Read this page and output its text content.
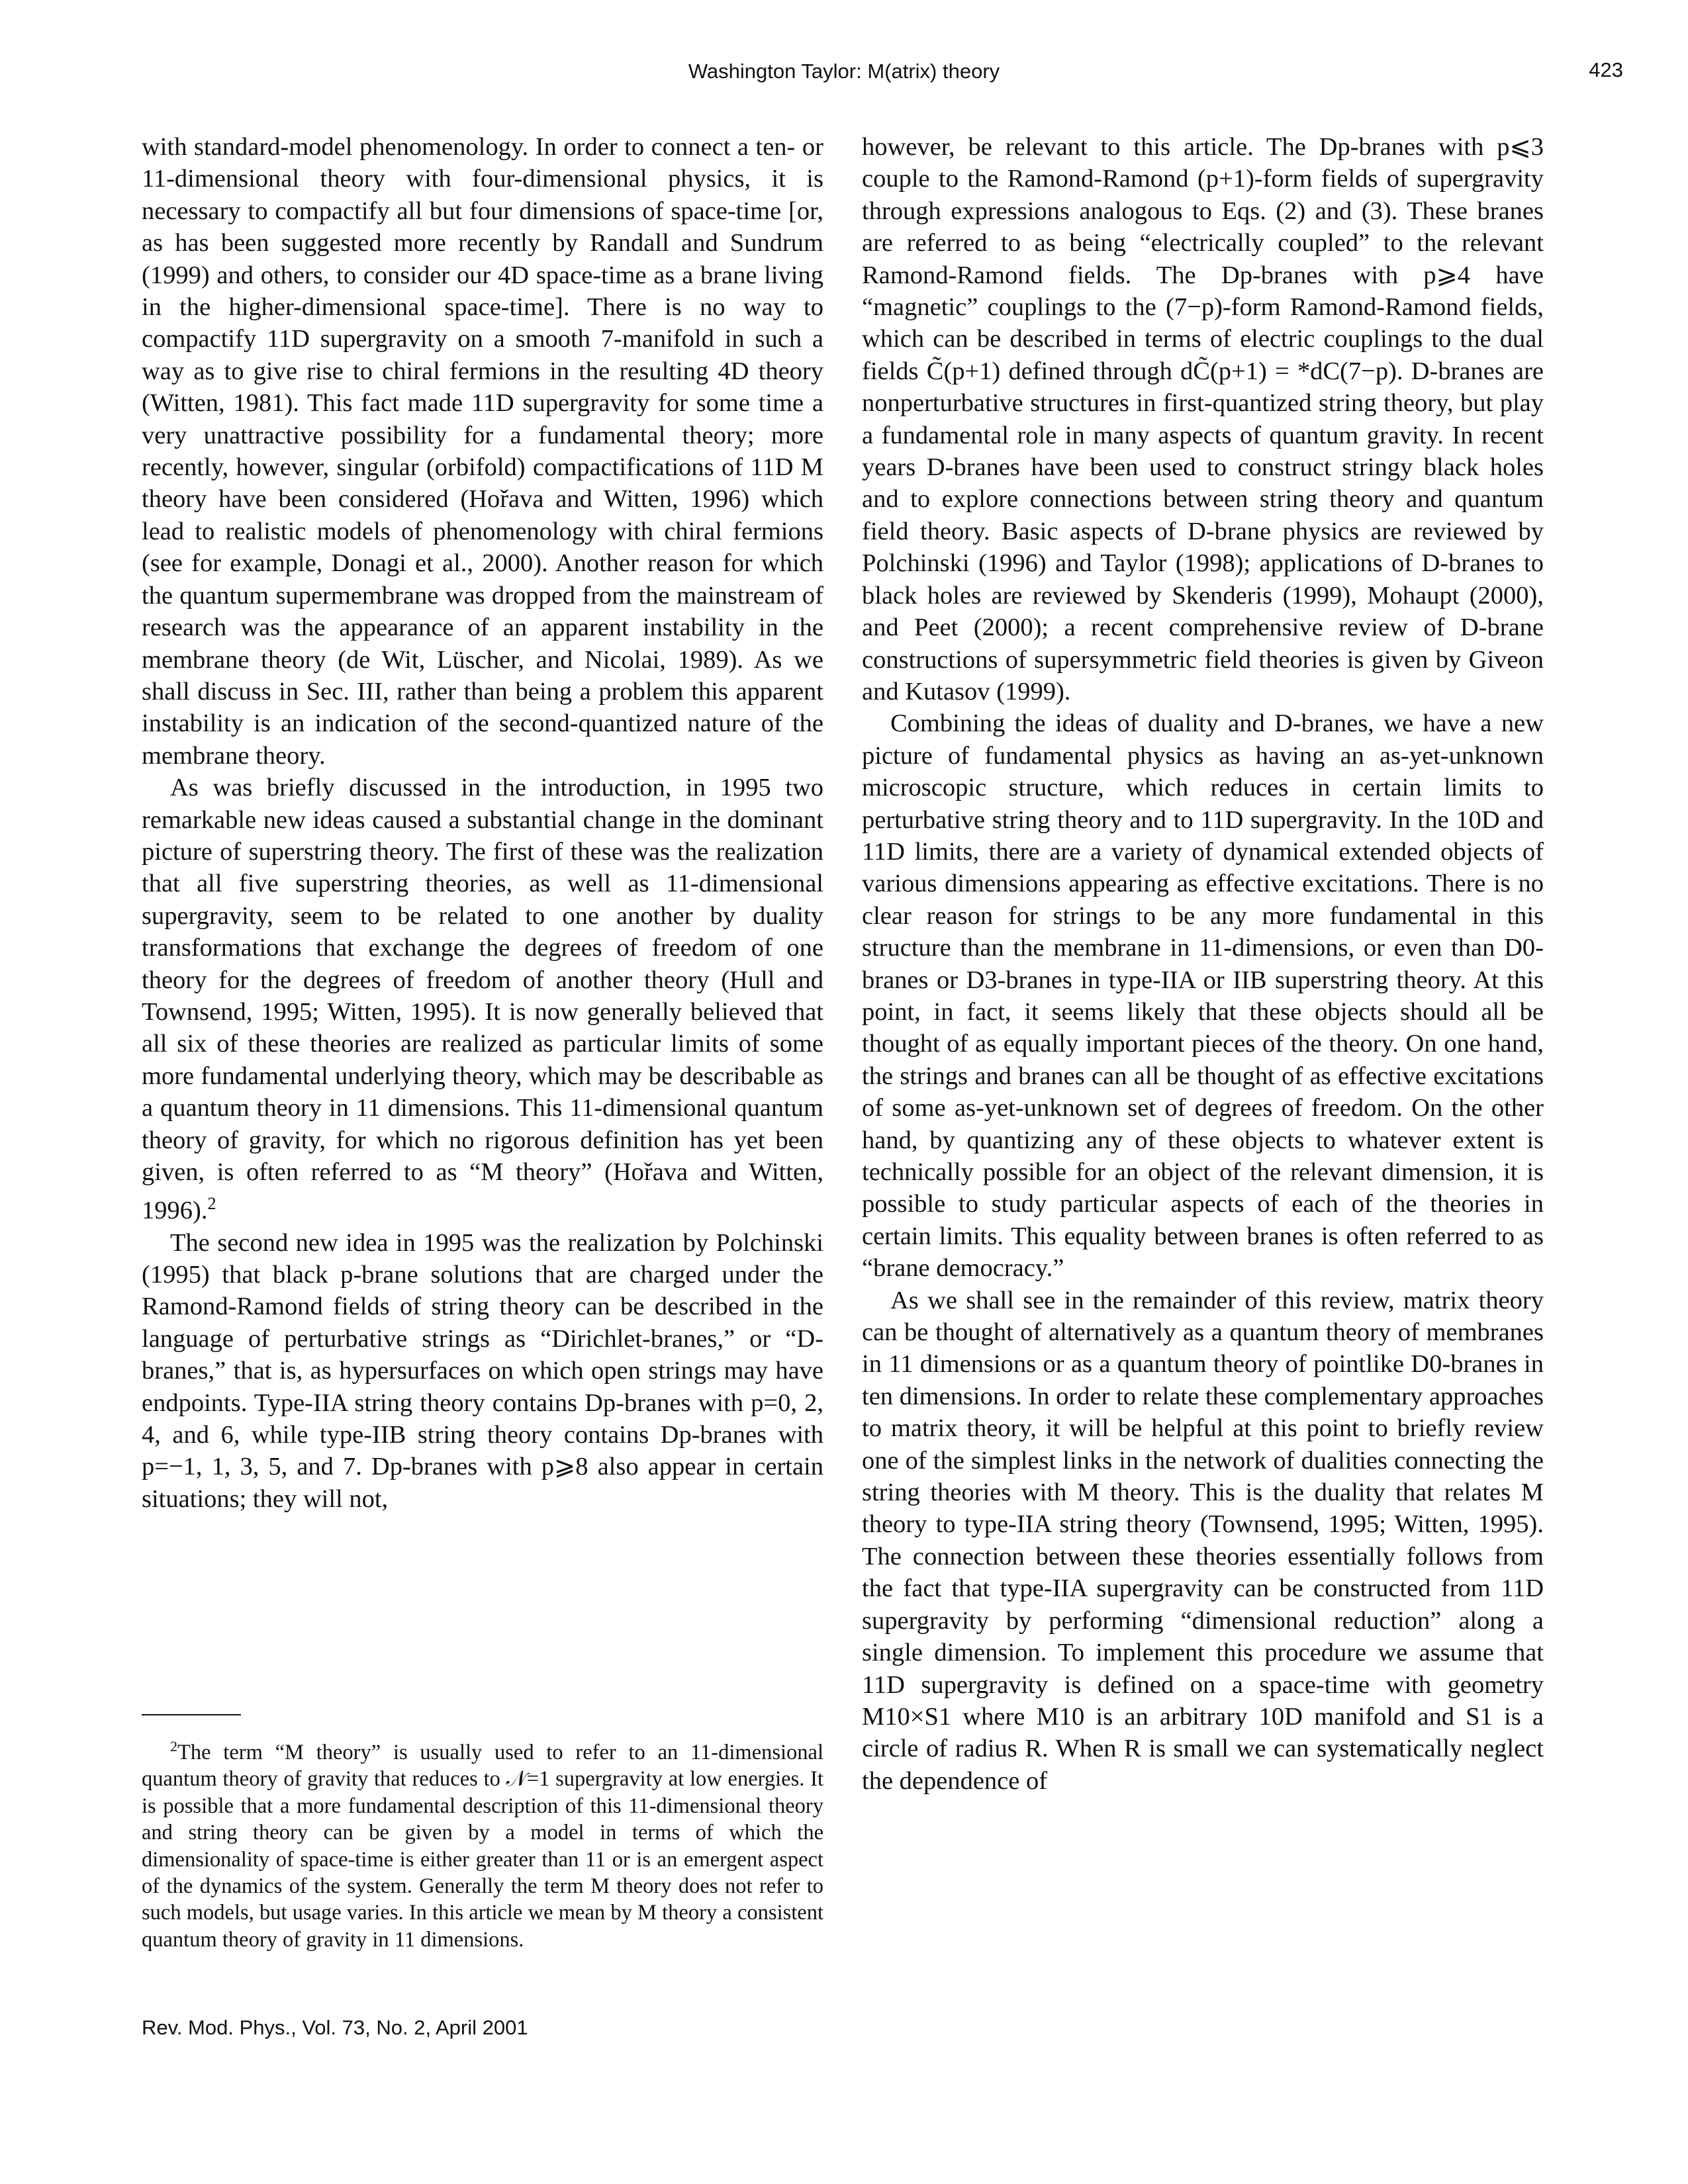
Washington Taylor: M(atrix) theory	423

with standard-model phenomenology. In order to connect a ten- or 11-dimensional theory with four-dimensional physics, it is necessary to compactify all but four dimensions of space-time [or, as has been suggested more recently by Randall and Sundrum (1999) and others, to consider our 4D space-time as a brane living in the higher-dimensional space-time]. There is no way to compactify 11D supergravity on a smooth 7-manifold in such a way as to give rise to chiral fermions in the resulting 4D theory (Witten, 1981). This fact made 11D supergravity for some time a very unattractive possibility for a fundamental theory; more recently, however, singular (orbifold) compactifications of 11D M theory have been considered (Hořava and Witten, 1996) which lead to realistic models of phenomenology with chiral fermions (see for example, Donagi et al., 2000). Another reason for which the quantum supermembrane was dropped from the mainstream of research was the appearance of an apparent instability in the membrane theory (de Wit, Lüscher, and Nicolai, 1989). As we shall discuss in Sec. III, rather than being a problem this apparent instability is an indication of the second-quantized nature of the membrane theory.

As was briefly discussed in the introduction, in 1995 two remarkable new ideas caused a substantial change in the dominant picture of superstring theory. The first of these was the realization that all five superstring theories, as well as 11-dimensional supergravity, seem to be related to one another by duality transformations that exchange the degrees of freedom of one theory for the degrees of freedom of another theory (Hull and Townsend, 1995; Witten, 1995). It is now generally believed that all six of these theories are realized as particular limits of some more fundamental underlying theory, which may be describable as a quantum theory in 11 dimensions. This 11-dimensional quantum theory of gravity, for which no rigorous definition has yet been given, is often referred to as “M theory” (Hořava and Witten, 1996).$^2$

The second new idea in 1995 was the realization by Polchinski (1995) that black p-brane solutions that are charged under the Ramond-Ramond fields of string theory can be described in the language of perturbative strings as “Dirichlet-branes,” or “D-branes,” that is, as hypersurfaces on which open strings may have endpoints. Type-IIA string theory contains Dp-branes with p=0, 2, 4, and 6, while type-IIB string theory contains Dp-branes with p=−1, 1, 3, 5, and 7. Dp-branes with p⩾8 also appear in certain situations; they will not,

however, be relevant to this article. The Dp-branes with p⩽3 couple to the Ramond-Ramond (p+1)-form fields of supergravity through expressions analogous to Eqs. (2) and (3). These branes are referred to as being “electrically coupled” to the relevant Ramond-Ramond fields. The Dp-branes with p⩾4 have “magnetic” couplings to the (7−p)-form Ramond-Ramond fields, which can be described in terms of electric couplings to the dual fields C̃(p+1) defined through dC̃(p+1) = *dC(7−p). D-branes are nonperturbative structures in first-quantized string theory, but play a fundamental role in many aspects of quantum gravity. In recent years D-branes have been used to construct stringy black holes and to explore connections between string theory and quantum field theory. Basic aspects of D-brane physics are reviewed by Polchinski (1996) and Taylor (1998); applications of D-branes to black holes are reviewed by Skenderis (1999), Mohaupt (2000), and Peet (2000); a recent comprehensive review of D-brane constructions of supersymmetric field theories is given by Giveon and Kutasov (1999).

Combining the ideas of duality and D-branes, we have a new picture of fundamental physics as having an as-yet-unknown microscopic structure, which reduces in certain limits to perturbative string theory and to 11D supergravity. In the 10D and 11D limits, there are a variety of dynamical extended objects of various dimensions appearing as effective excitations. There is no clear reason for strings to be any more fundamental in this structure than the membrane in 11-dimensions, or even than D0-branes or D3-branes in type-IIA or IIB superstring theory. At this point, in fact, it seems likely that these objects should all be thought of as equally important pieces of the theory. On one hand, the strings and branes can all be thought of as effective excitations of some as-yet-unknown set of degrees of freedom. On the other hand, by quantizing any of these objects to whatever extent is technically possible for an object of the relevant dimension, it is possible to study particular aspects of each of the theories in certain limits. This equality between branes is often referred to as “brane democracy.”

As we shall see in the remainder of this review, matrix theory can be thought of alternatively as a quantum theory of membranes in 11 dimensions or as a quantum theory of pointlike D0-branes in ten dimensions. In order to relate these complementary approaches to matrix theory, it will be helpful at this point to briefly review one of the simplest links in the network of dualities connecting the string theories with M theory. This is the duality that relates M theory to type-IIA string theory (Townsend, 1995; Witten, 1995). The connection between these theories essentially follows from the fact that type-IIA supergravity can be constructed from 11D supergravity by performing “dimensional reduction” along a single dimension. To implement this procedure we assume that 11D supergravity is defined on a space-time with geometry M10×S1 where M10 is an arbitrary 10D manifold and S1 is a circle of radius R. When R is small we can systematically neglect the dependence of

$^2$The term “M theory” is usually used to refer to an 11-dimensional quantum theory of gravity that reduces to 𝒩=1 supergravity at low energies. It is possible that a more fundamental description of this 11-dimensional theory and string theory can be given by a model in terms of which the dimensionality of space-time is either greater than 11 or is an emergent aspect of the dynamics of the system. Generally the term M theory does not refer to such models, but usage varies. In this article we mean by M theory a consistent quantum theory of gravity in 11 dimensions.
Rev. Mod. Phys., Vol. 73, No. 2, April 2001
